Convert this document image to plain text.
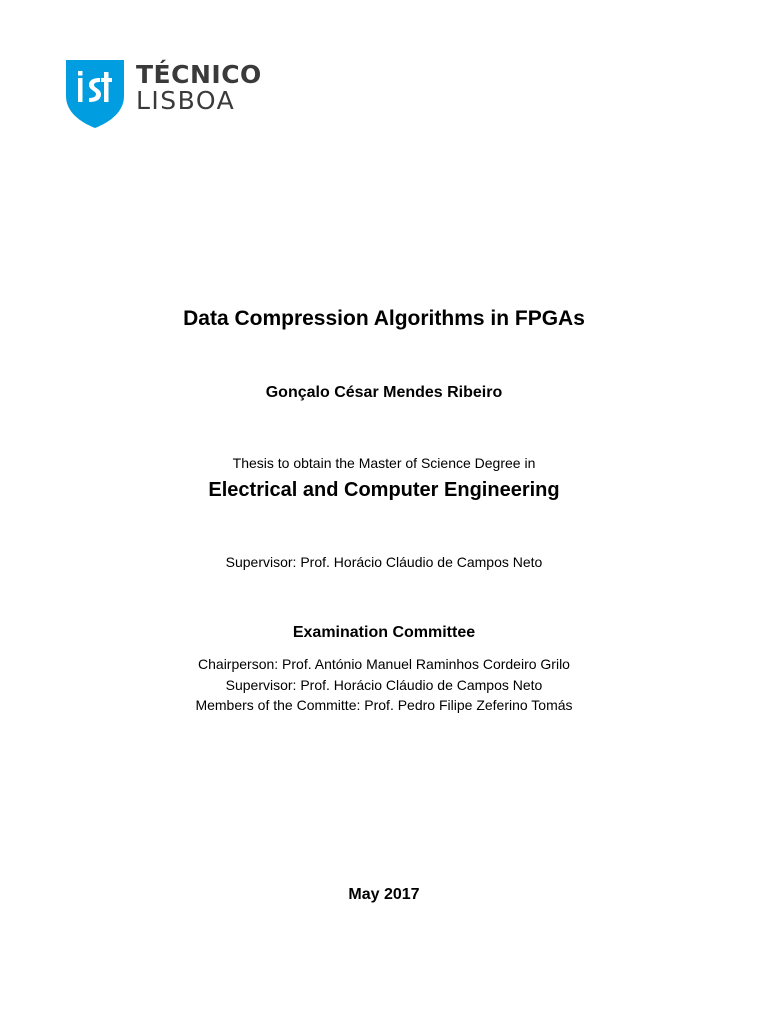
TÉCNICO
LISBOA
Data Compression Algorithms in FPGAs
Gonçalo César Mendes Ribeiro
Thesis to obtain the Master of Science Degree in
Electrical and Computer Engineering
Supervisor: Prof. Horácio Cláudio de Campos Neto
Examination Committee
Chairperson: Prof. António Manuel Raminhos Cordeiro Grilo
Supervisor: Prof. Horácio Cláudio de Campos Neto
Members of the Committe: Prof. Pedro Filipe Zeferino Tomás
May 2017
